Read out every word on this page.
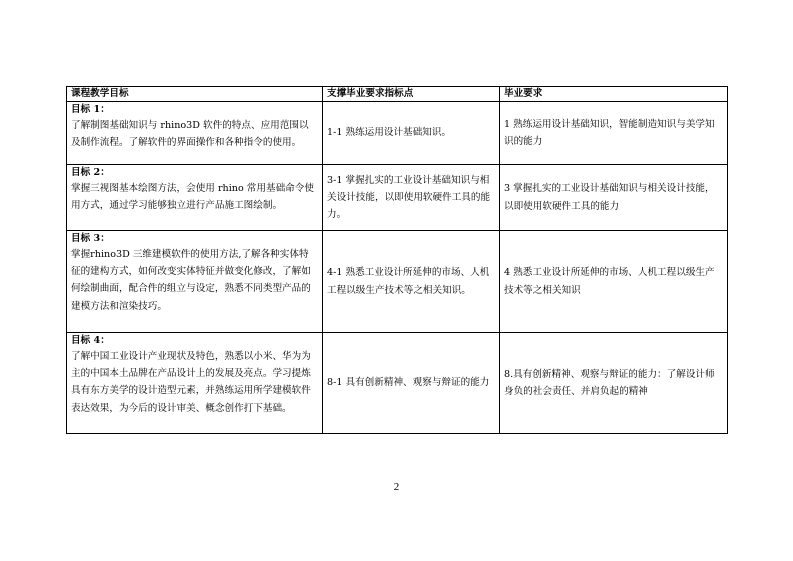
课程教学目标	支撑毕业要求指标点	毕业要求

目标 1：
了解制图基础知识与 rhino3D 软件的特点、应用范围以及制作流程。了解软件的界面操作和各种指令的使用。	1-1 熟练运用设计基础知识。	1 熟练运用设计基础知识，智能制造知识与美学知识的能力

目标 2：
掌握三视图基本绘图方法，会使用 rhino 常用基础命令使用方式，通过学习能够独立进行产品施工图绘制。	3-1 掌握扎实的工业设计基础知识与相关设计技能，以即使用软硬件工具的能力。	3 掌握扎实的工业设计基础知识与相关设计技能，以即使用软硬件工具的能力

目标 3：
掌握rhino3D 三维建模软件的使用方法,了解各种实体特征的建构方式，如何改变实体特征并做变化修改，了解如何绘制曲面，配合件的组立与设定，熟悉不同类型产品的建模方法和渲染技巧。	4-1 熟悉工业设计所延伸的市场、人机工程以级生产技术等之相关知识。	4 熟悉工业设计所延伸的市场、人机工程以级生产技术等之相关知识

目标 4：
了解中国工业设计产业现状及特色，熟悉以小米、华为为主的中国本土品牌在产品设计上的发展及亮点。学习提炼具有东方美学的设计造型元素，并熟练运用所学建模软件表达效果，为今后的设计审美、概念创作打下基础。	8-1 具有创新精神、观察与辩证的能力	8.具有创新精神、观察与辩证的能力：了解设计师身负的社会责任、并肩负起的精神
2
